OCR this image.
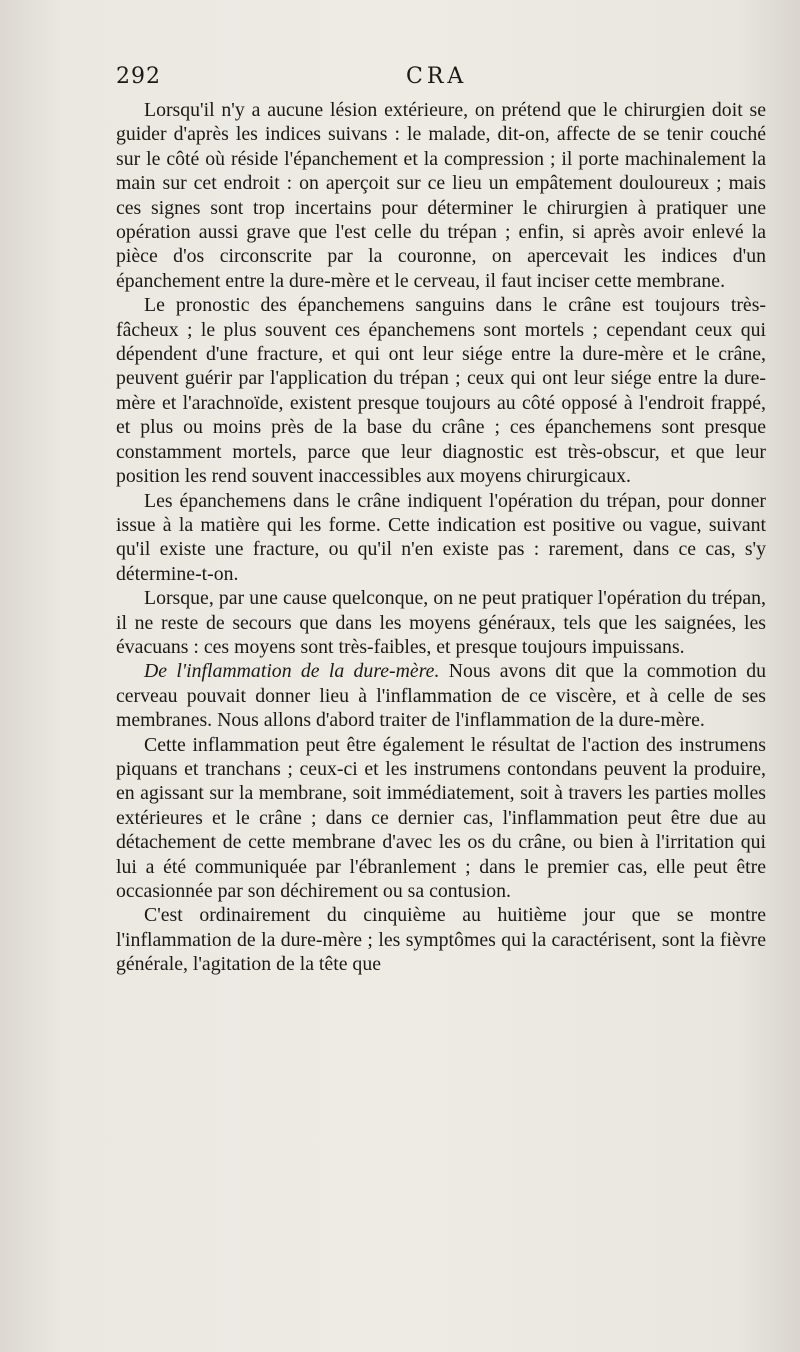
292	CRA

Lorsqu'il n'y a aucune lésion extérieure, on prétend que le chirurgien doit se guider d'après les indices suivans : le malade, dit-on, affecte de se tenir couché sur le côté où réside l'épanchement et la compression ; il porte machinalement la main sur cet endroit : on aperçoit sur ce lieu un empâtement douloureux ; mais ces signes sont trop incertains pour déterminer le chirurgien à pratiquer une opération aussi grave que l'est celle du trépan ; enfin, si après avoir enlevé la pièce d'os circonscrite par la couronne, on apercevait les indices d'un épanchement entre la dure-mère et le cerveau, il faut inciser cette membrane.

Le pronostic des épanchemens sanguins dans le crâne est toujours très-fâcheux ; le plus souvent ces épanchemens sont mortels ; cependant ceux qui dépendent d'une fracture, et qui ont leur siége entre la dure-mère et le crâne, peuvent guérir par l'application du trépan ; ceux qui ont leur siége entre la dure-mère et l'arachnoïde, existent presque toujours au côté opposé à l'endroit frappé, et plus ou moins près de la base du crâne ; ces épanchemens sont presque constamment mortels, parce que leur diagnostic est très-obscur, et que leur position les rend souvent inaccessibles aux moyens chirurgicaux.

Les épanchemens dans le crâne indiquent l'opération du trépan, pour donner issue à la matière qui les forme. Cette indication est positive ou vague, suivant qu'il existe une fracture, ou qu'il n'en existe pas : rarement, dans ce cas, s'y détermine-t-on.

Lorsque, par une cause quelconque, on ne peut pratiquer l'opération du trépan, il ne reste de secours que dans les moyens généraux, tels que les saignées, les évacuans : ces moyens sont très-faibles, et presque toujours impuissans.

De l'inflammation de la dure-mère. Nous avons dit que la commotion du cerveau pouvait donner lieu à l'inflammation de ce viscère, et à celle de ses membranes. Nous allons d'abord traiter de l'inflammation de la dure-mère.

Cette inflammation peut être également le résultat de l'action des instrumens piquans et tranchans ; ceux-ci et les instrumens contondans peuvent la produire, en agissant sur la membrane, soit immédiatement, soit à travers les parties molles extérieures et le crâne ; dans ce dernier cas, l'inflammation peut être due au détachement de cette membrane d'avec les os du crâne, ou bien à l'irritation qui lui a été communiquée par l'ébranlement ; dans le premier cas, elle peut être occasionnée par son déchirement ou sa contusion.

C'est ordinairement du cinquième au huitième jour que se montre l'inflammation de la dure-mère ; les symptômes qui la caractérisent, sont la fièvre générale, l'agitation de la tête que
